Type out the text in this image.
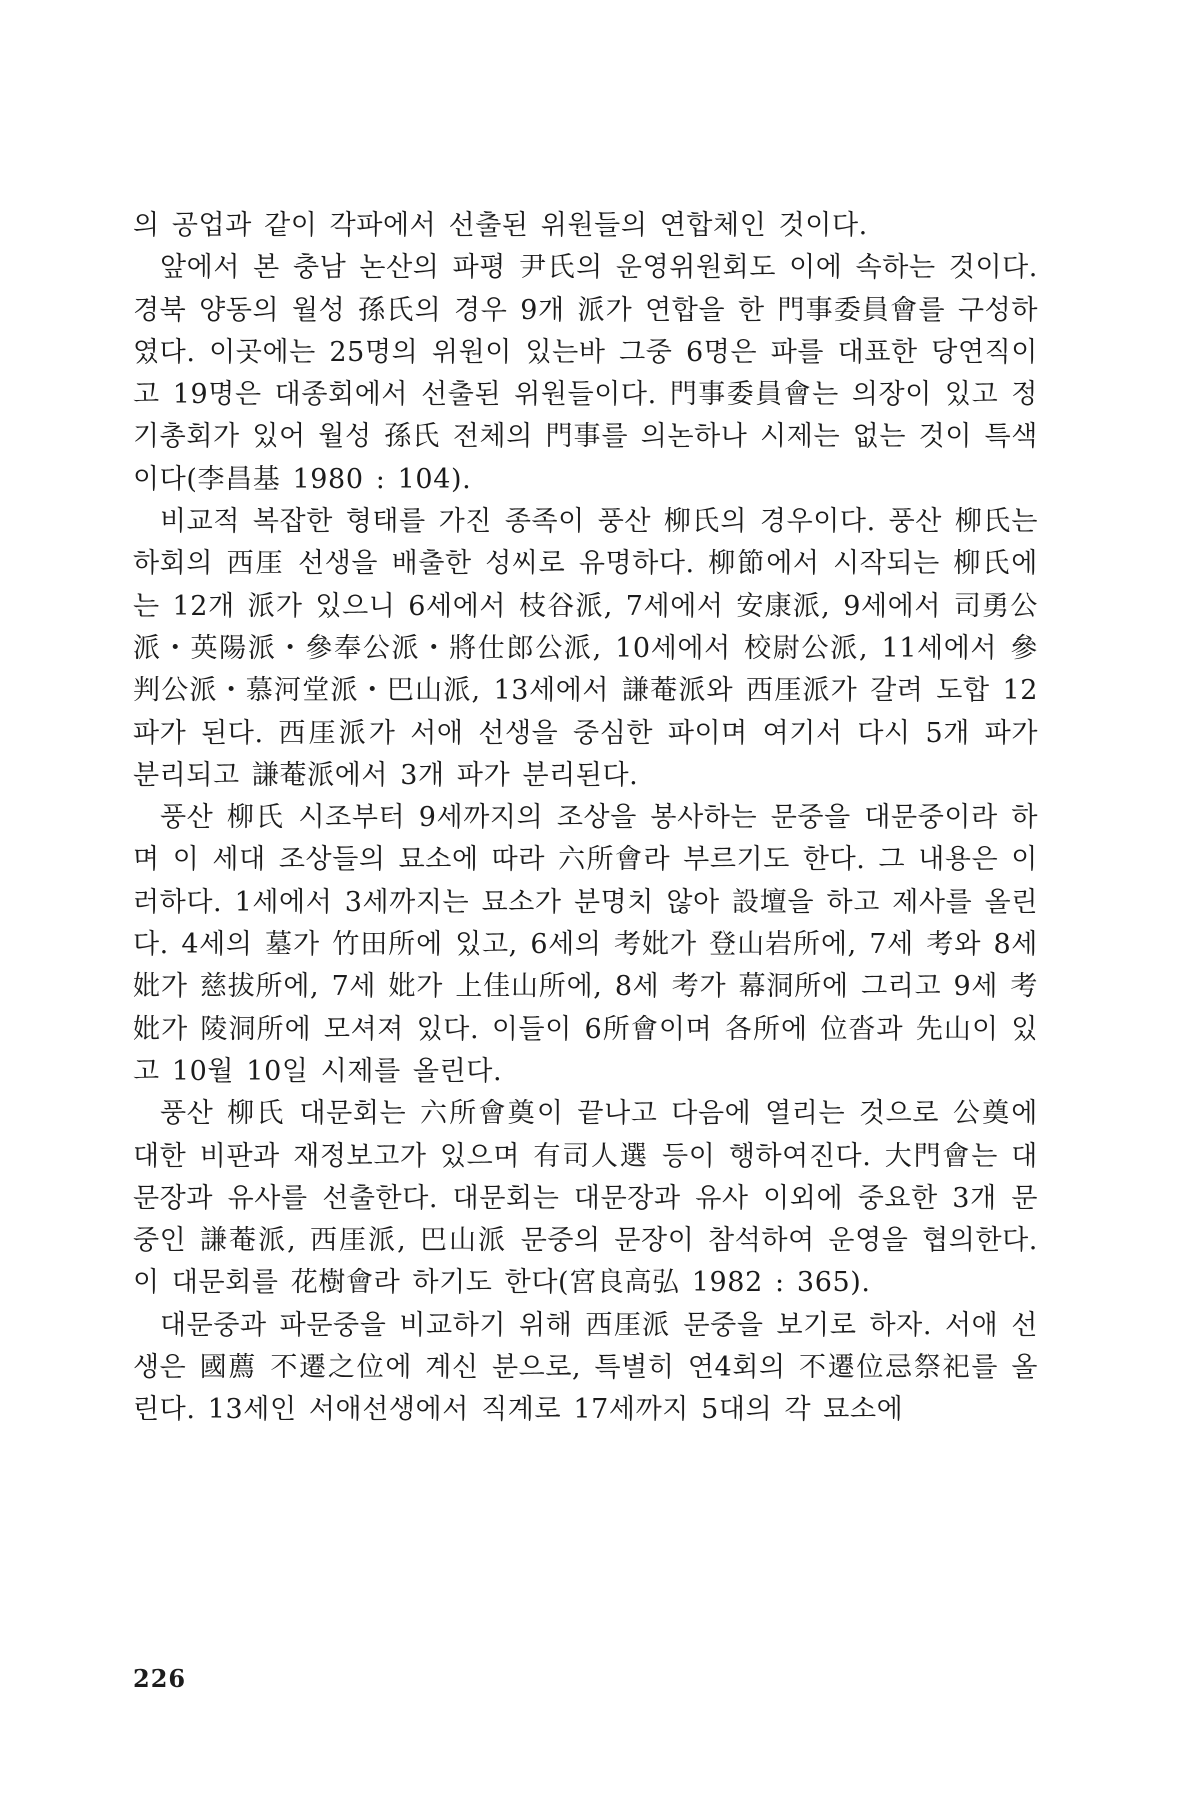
의 공업과 같이 각파에서 선출된 위원들의 연합체인 것이다.

앞에서 본 충남 논산의 파평 尹氏의 운영위원회도 이에 속하는 것이다. 경북 양동의 월성 孫氏의 경우 9개 派가 연합을 한 門事委員會를 구성하였다. 이곳에는 25명의 위원이 있는바 그중 6명은 파를 대표한 당연직이고 19명은 대종회에서 선출된 위원들이다. 門事委員會는 의장이 있고 정기총회가 있어 월성 孫氏 전체의 門事를 의논하나 시제는 없는 것이 특색이다(李昌基 1980 : 104).

비교적 복잡한 형태를 가진 종족이 풍산 柳氏의 경우이다. 풍산 柳氏는 하회의 西厓 선생을 배출한 성씨로 유명하다. 柳節에서 시작되는 柳氏에는 12개 派가 있으니 6세에서 枝谷派, 7세에서 安康派, 9세에서 司勇公派・英陽派・參奉公派・將仕郎公派, 10세에서 校尉公派, 11세에서 參判公派・慕河堂派・巴山派, 13세에서 謙菴派와 西厓派가 갈려 도합 12파가 된다. 西厓派가 서애 선생을 중심한 파이며 여기서 다시 5개 파가 분리되고 謙菴派에서 3개 파가 분리된다.

풍산 柳氏 시조부터 9세까지의 조상을 봉사하는 문중을 대문중이라 하며 이 세대 조상들의 묘소에 따라 六所會라 부르기도 한다. 그 내용은 이러하다. 1세에서 3세까지는 묘소가 분명치 않아 設壇을 하고 제사를 올린다. 4세의 墓가 竹田所에 있고, 6세의 考妣가 登山岩所에, 7세 考와 8세 妣가 慈拔所에, 7세 妣가 上佳山所에, 8세 考가 幕洞所에 그리고 9세 考妣가 陵洞所에 모셔져 있다. 이들이 6所會이며 各所에 位沓과 先山이 있고 10월 10일 시제를 올린다.

풍산 柳氏 대문회는 六所會奠이 끝나고 다음에 열리는 것으로 公奠에 대한 비판과 재정보고가 있으며 有司人選 등이 행하여진다. 大門會는 대문장과 유사를 선출한다. 대문회는 대문장과 유사 이외에 중요한 3개 문중인 謙菴派, 西厓派, 巴山派 문중의 문장이 참석하여 운영을 협의한다. 이 대문회를 花樹會라 하기도 한다(宮良高弘 1982 : 365).

대문중과 파문중을 비교하기 위해 西厓派 문중을 보기로 하자. 서애 선생은 國薦 不遷之位에 계신 분으로, 특별히 연4회의 不遷位忌祭祀를 올린다. 13세인 서애선생에서 직계로 17세까지 5대의 각 묘소에

226
